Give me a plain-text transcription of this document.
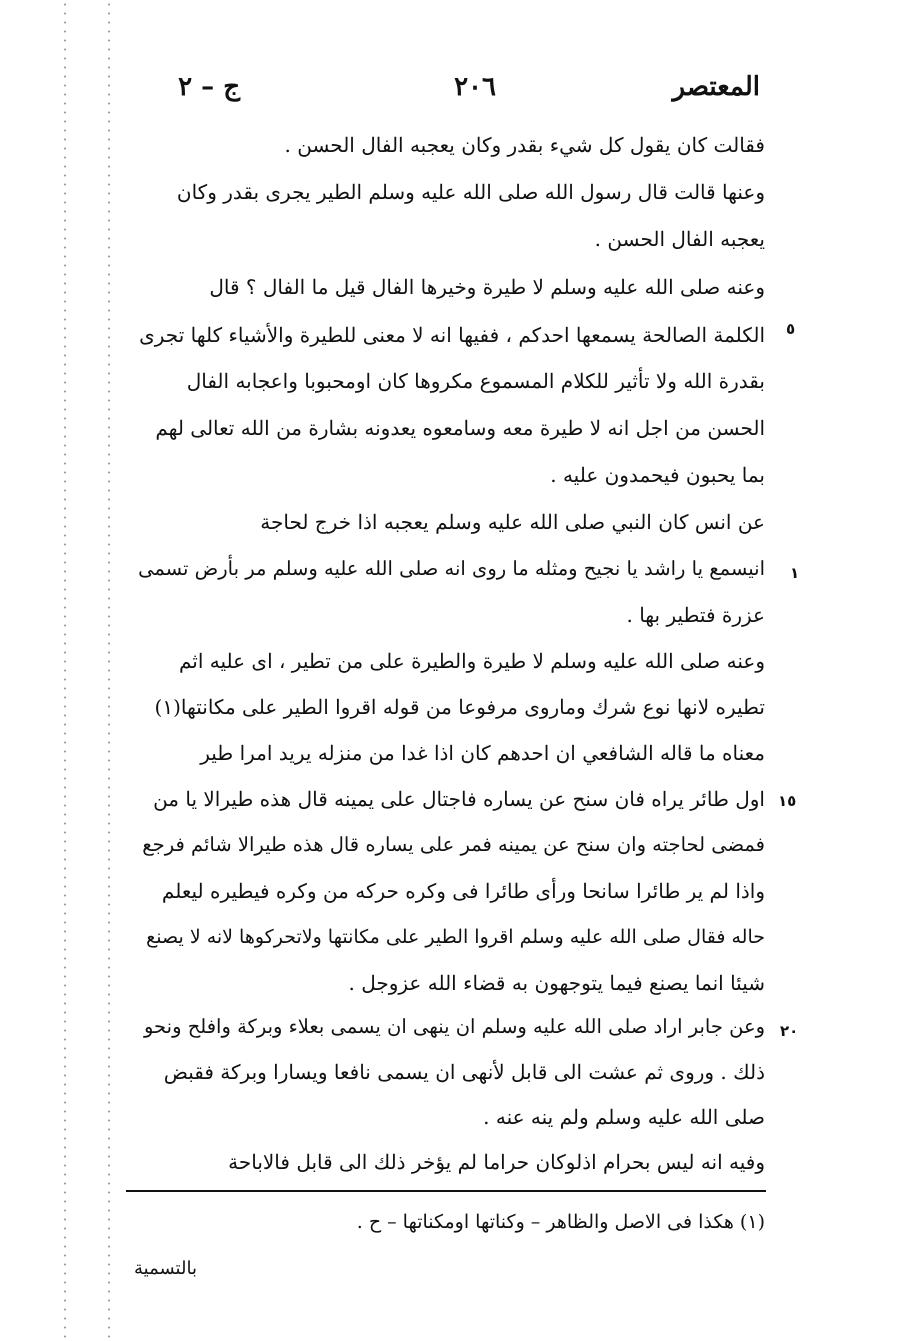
المعتصر
٢٠٦
ج – ٢
فقالت كان يقول كل شيء بقدر وكان يعجبه الفال الحسن .
وعنها قالت قال رسول الله صلى الله عليه وسلم الطير يجرى بقدر وكان
يعجبه الفال الحسن .
وعنه صلى الله عليه وسلم لا طيرة وخيرها الفال قيل ما الفال ؟ قال
الكلمة الصالحة يسمعها احدكم ، ففيها انه لا معنى للطيرة والأشياء كلها تجرى
بقدرة الله ولا تأثير للكلام المسموع مكروها كان اومحبوبا واعجابه الفال
الحسن من اجل انه لا طيرة معه وسامعوه يعدونه بشارة من الله تعالى لهم
بما يحبون فيحمدون عليه .
عن انس كان النبي صلى الله عليه وسلم يعجبه اذا خرج لحاجة
انيسمع يا راشد يا نجيح ومثله ما روى انه صلى الله عليه وسلم مر بأرض تسمى
عزرة فتطير بها .
وعنه صلى الله عليه وسلم لا طيرة والطيرة على من تطير ، اى عليه اثم
تطيره لانها نوع شرك وماروى مرفوعا من قوله اقروا الطير على مكانتها(١)
معناه ما قاله الشافعي ان احدهم كان اذا غدا من منزله يريد امرا طير
اول طائر يراه فان سنح عن يساره فاجتال على يمينه قال هذه طيرالا يا من
فمضى لحاجته وان سنح عن يمينه فمر على يساره قال هذه طيرالا شائم فرجع
واذا لم ير طائرا سانحا ورأى طائرا فى وكره حركه من وكره فيطيره ليعلم
حاله فقال صلى الله عليه وسلم اقروا الطير على مكانتها ولاتحركوها لانه لا يصنع
شيئا انما يصنع فيما يتوجهون به قضاء الله عزوجل .
وعن جابر اراد صلى الله عليه وسلم ان ينهى ان يسمى بعلاء وبركة وافلح ونحو
ذلك . وروى ثم عشت الى قابل لأنهى ان يسمى نافعا ويسارا وبركة فقبض
صلى الله عليه وسلم ولم ينه عنه .
وفيه انه ليس بحرام اذلوكان حراما لم يؤخر ذلك الى قابل فالاباحة
٥
١
١٥
٢٠
(١) هكذا فى الاصل والظاهر – وكناتها اومكناتها – ح .
بالتسمية
